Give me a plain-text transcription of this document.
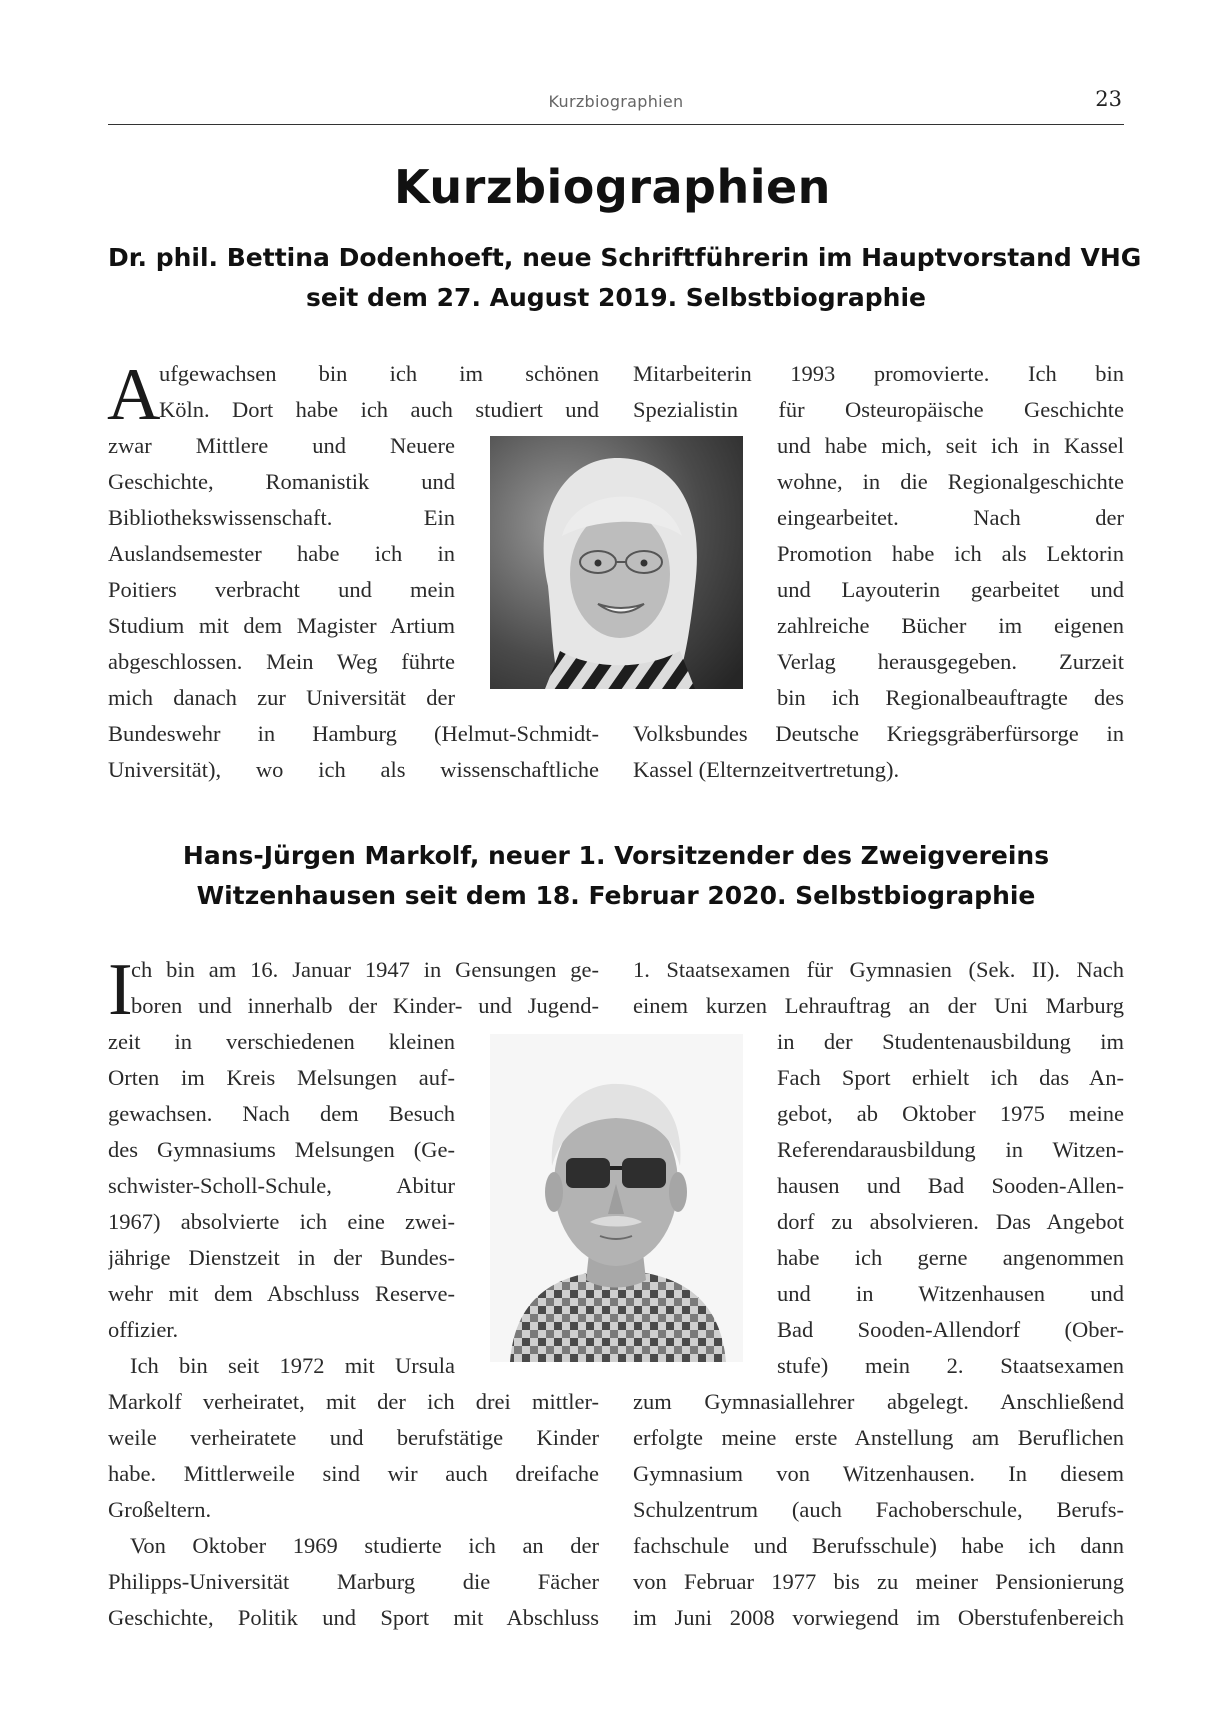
Kurzbiographien	23
Kurzbiographien
Dr. phil. Bettina Dodenhoeft, neue Schriftführerin im Hauptvorstand VHG
seit dem 27. August 2019. Selbstbiographie
A
ufgewachsen bin ich im schönen
Köln. Dort habe ich auch studiert und
zwar Mittlere und Neuere
Geschichte, Romanistik und
Bibliothekswissenschaft. Ein
Auslandsemester habe ich in
Poitiers verbracht und mein
Studium mit dem Magister Artium
abgeschlossen. Mein Weg führte
mich danach zur Universität der
Bundeswehr in Hamburg (Helmut-Schmidt-
Universität), wo ich als wissenschaftliche
Mitarbeiterin 1993 promovierte. Ich bin
Spezialistin für Osteuropäische Geschichte
und habe mich, seit ich in Kassel
wohne, in die Regionalgeschichte
eingearbeitet. Nach der
Promotion habe ich als Lektorin
und Layouterin gearbeitet und
zahlreiche Bücher im eigenen
Verlag herausgegeben. Zurzeit
bin ich Regionalbeauftragte des
Volksbundes Deutsche Kriegsgräberfürsorge in
Kassel (Elternzeitvertretung).
Hans-Jürgen Markolf, neuer 1. Vorsitzender des Zweigvereins
Witzenhausen seit dem 18. Februar 2020. Selbstbiographie
I
ch bin am 16. Januar 1947 in Gensungen ge-
boren und innerhalb der Kinder- und Jugend-
zeit in verschiedenen kleinen
Orten im Kreis Melsungen auf-
gewachsen. Nach dem Besuch
des Gymnasiums Melsungen (Ge-
schwister-Scholl-Schule, Abitur
1967) absolvierte ich eine zwei-
jährige Dienstzeit in der Bundes-
wehr mit dem Abschluss Reserve-
offizier.
Ich bin seit 1972 mit Ursula
Markolf verheiratet, mit der ich drei mittler-
weile verheiratete und berufstätige Kinder
habe. Mittlerweile sind wir auch dreifache
Großeltern.
Von Oktober 1969 studierte ich an der
Philipps-Universität Marburg die Fächer
Geschichte, Politik und Sport mit Abschluss
1. Staatsexamen für Gymnasien (Sek. II). Nach
einem kurzen Lehrauftrag an der Uni Marburg
in der Studentenausbildung im
Fach Sport erhielt ich das An-
gebot, ab Oktober 1975 meine
Referendarausbildung in Witzen-
hausen und Bad Sooden-Allen-
dorf zu absolvieren. Das Angebot
habe ich gerne angenommen
und in Witzenhausen und
Bad Sooden-Allendorf (Ober-
stufe) mein 2. Staatsexamen
zum Gymnasiallehrer abgelegt. Anschließend
erfolgte meine erste Anstellung am Beruflichen
Gymnasium von Witzenhausen. In diesem
Schulzentrum (auch Fachoberschule, Berufs-
fachschule und Berufsschule) habe ich dann
von Februar 1977 bis zu meiner Pensionierung
im Juni 2008 vorwiegend im Oberstufenbereich
